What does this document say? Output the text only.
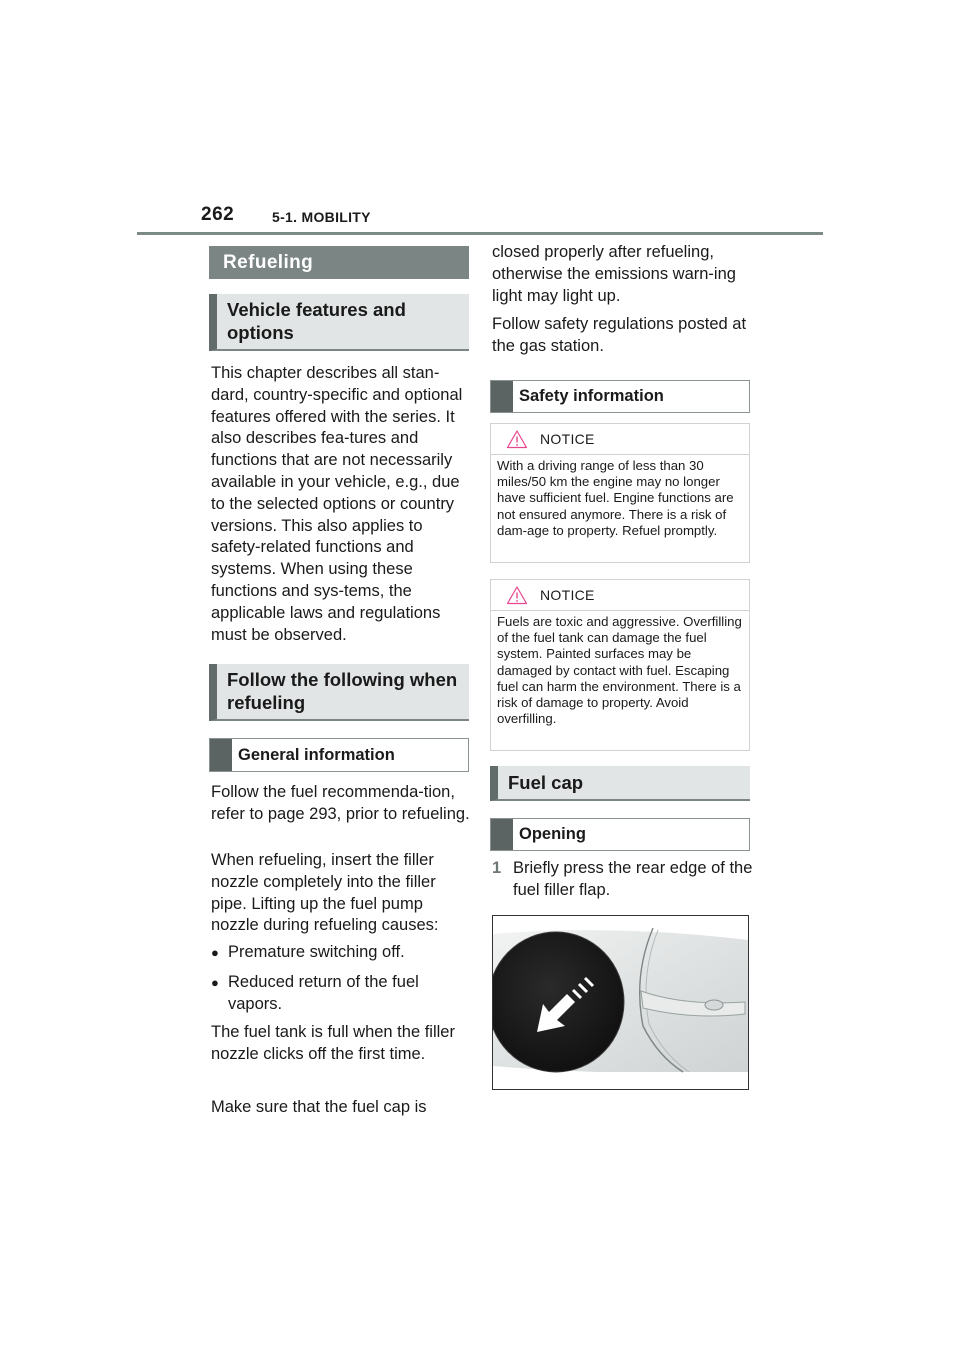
262	5-1. MOBILITY
Refueling
Vehicle features and options
This chapter describes all stan-dard, country-specific and optional features offered with the series. It also describes fea-tures and functions that are not necessarily available in your vehicle, e.g., due to the selected options or country versions. This also applies to safety-related functions and systems. When using these functions and sys-tems, the applicable laws and regulations must be observed.
Follow the following when refueling
General information
Follow the fuel recommenda-tion, refer to page 293, prior to refueling.
When refueling, insert the filler nozzle completely into the filler pipe. Lifting up the fuel pump nozzle during refueling causes:
● Premature switching off.
● Reduced return of the fuel vapors.
The fuel tank is full when the filler nozzle clicks off the first time.
Make sure that the fuel cap is
closed properly after refueling, otherwise the emissions warn-ing light may light up.
Follow safety regulations posted at the gas station.
Safety information
NOTICE
With a driving range of less than 30 miles/50 km the engine may no longer have sufficient fuel. Engine functions are not ensured anymore. There is a risk of dam-age to property. Refuel promptly.
NOTICE
Fuels are toxic and aggressive. Overfilling of the fuel tank can damage the fuel system. Painted surfaces may be damaged by contact with fuel. Escaping fuel can harm the environment. There is a risk of damage to property. Avoid overfilling.
Fuel cap
Opening
1 Briefly press the rear edge of the fuel filler flap.
